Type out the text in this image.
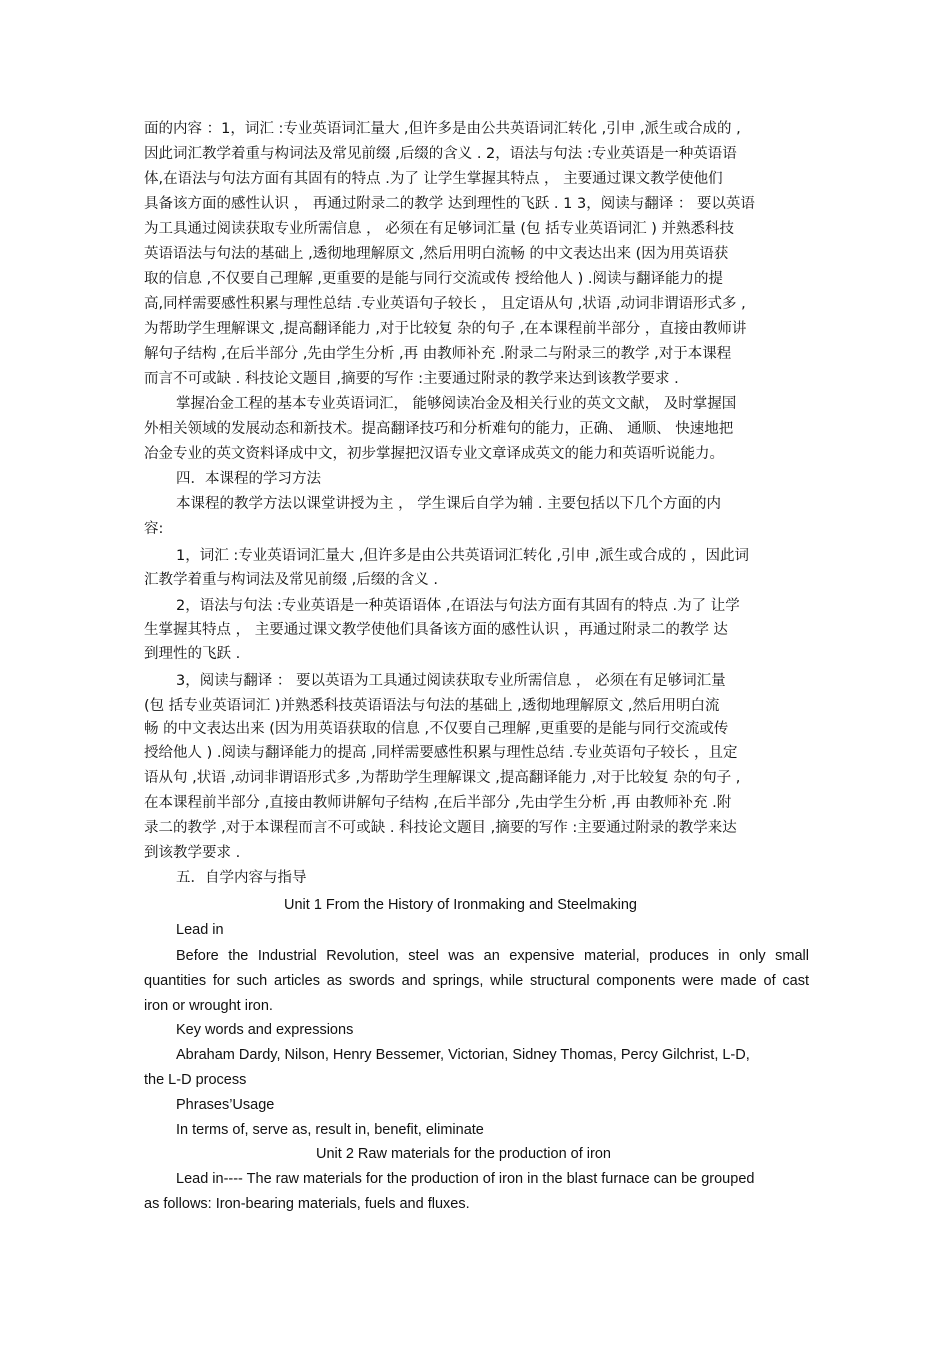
面的内容 ：1，词汇 :专业英语词汇量大 ,但许多是由公共英语词汇转化 ,引申 ,派生或合成的 ,
因此词汇教学着重与构词法及常见前缀 ,后缀的含义 . 2，语法与句法 :专业英语是一种英语语
体,在语法与句法方面有其固有的特点 .为了 让学生掌握其特点 ， 主要通过课文教学使他们
具备该方面的感性认识 ， 再通过附录二的教学 达到理性的飞跃 . 1 3，阅读与翻译 ： 要以英语
为工具通过阅读获取专业所需信息 ， 必须在有足够词汇量 (包 括专业英语词汇 ) 并熟悉科技
英语语法与句法的基础上 ,透彻地理解原文 ,然后用明白流畅 的中文表达出来 (因为用英语获
取的信息 ,不仅要自己理解 ,更重要的是能与同行交流或传 授给他人 ) .阅读与翻译能力的提
高,同样需要感性积累与理性总结 .专业英语句子较长 ， 且定语从句 ,状语 ,动词非谓语形式多 ,
为帮助学生理解课文 ,提高翻译能力 ,对于比较复 杂的句子 ,在本课程前半部分 ，直接由教师讲
解句子结构 ,在后半部分 ,先由学生分析 ,再 由教师补充 .附录二与附录三的教学 ,对于本课程
而言不可或缺 . 科技论文题目 ,摘要的写作 :主要通过附录的教学来达到该教学要求 .
掌握冶金工程的基本专业英语词汇， 能够阅读冶金及相关行业的英文文献， 及时掌握国
外相关领域的发展动态和新技术。提高翻译技巧和分析难句的能力，正确、 通顺、 快速地把
冶金专业的英文资料译成中文，初步掌握把汉语专业文章译成英文的能力和英语听说能力。
四．本课程的学习方法
本课程的教学方法以课堂讲授为主 ， 学生课后自学为辅 . 主要包括以下几个方面的内
容:
1，词汇 :专业英语词汇量大 ,但许多是由公共英语词汇转化 ,引申 ,派生或合成的 ，因此词
汇教学着重与构词法及常见前缀 ,后缀的含义 .
2，语法与句法 :专业英语是一种英语语体 ,在语法与句法方面有其固有的特点 .为了 让学
生掌握其特点 ， 主要通过课文教学使他们具备该方面的感性认识 ，再通过附录二的教学 达
到理性的飞跃 .
3，阅读与翻译 ： 要以英语为工具通过阅读获取专业所需信息 ， 必须在有足够词汇量
(包 括专业英语词汇 )并熟悉科技英语语法与句法的基础上 ,透彻地理解原文 ,然后用明白流
畅 的中文表达出来 (因为用英语获取的信息 ,不仅要自己理解 ,更重要的是能与同行交流或传
授给他人 ) .阅读与翻译能力的提高 ,同样需要感性积累与理性总结 .专业英语句子较长 ，且定
语从句 ,状语 ,动词非谓语形式多 ,为帮助学生理解课文 ,提高翻译能力 ,对于比较复 杂的句子 ,
在本课程前半部分 ,直接由教师讲解句子结构 ,在后半部分 ,先由学生分析 ,再 由教师补充 .附
录二的教学 ,对于本课程而言不可或缺 . 科技论文题目 ,摘要的写作 :主要通过附录的教学来达
到该教学要求 .
五．自学内容与指导
Unit 1 From the History of Ironmaking and Steelmaking
Lead in
Before the Industrial Revolution, steel was an expensive material, produces in only small
quantities for such articles as swords and springs, while structural components were made of cast
iron or wrought iron.
Key words and expressions
Abraham Dardy, Nilson, Henry Bessemer, Victorian, Sidney Thomas, Percy Gilchrist, L-D,
the L-D process
Phrases’Usage
In terms of, serve as, result in, benefit, eliminate
Unit 2 Raw materials for the production of iron
Lead in---- The raw materials for the production of iron in the blast furnace can be grouped
as follows: Iron-bearing materials, fuels and fluxes.
